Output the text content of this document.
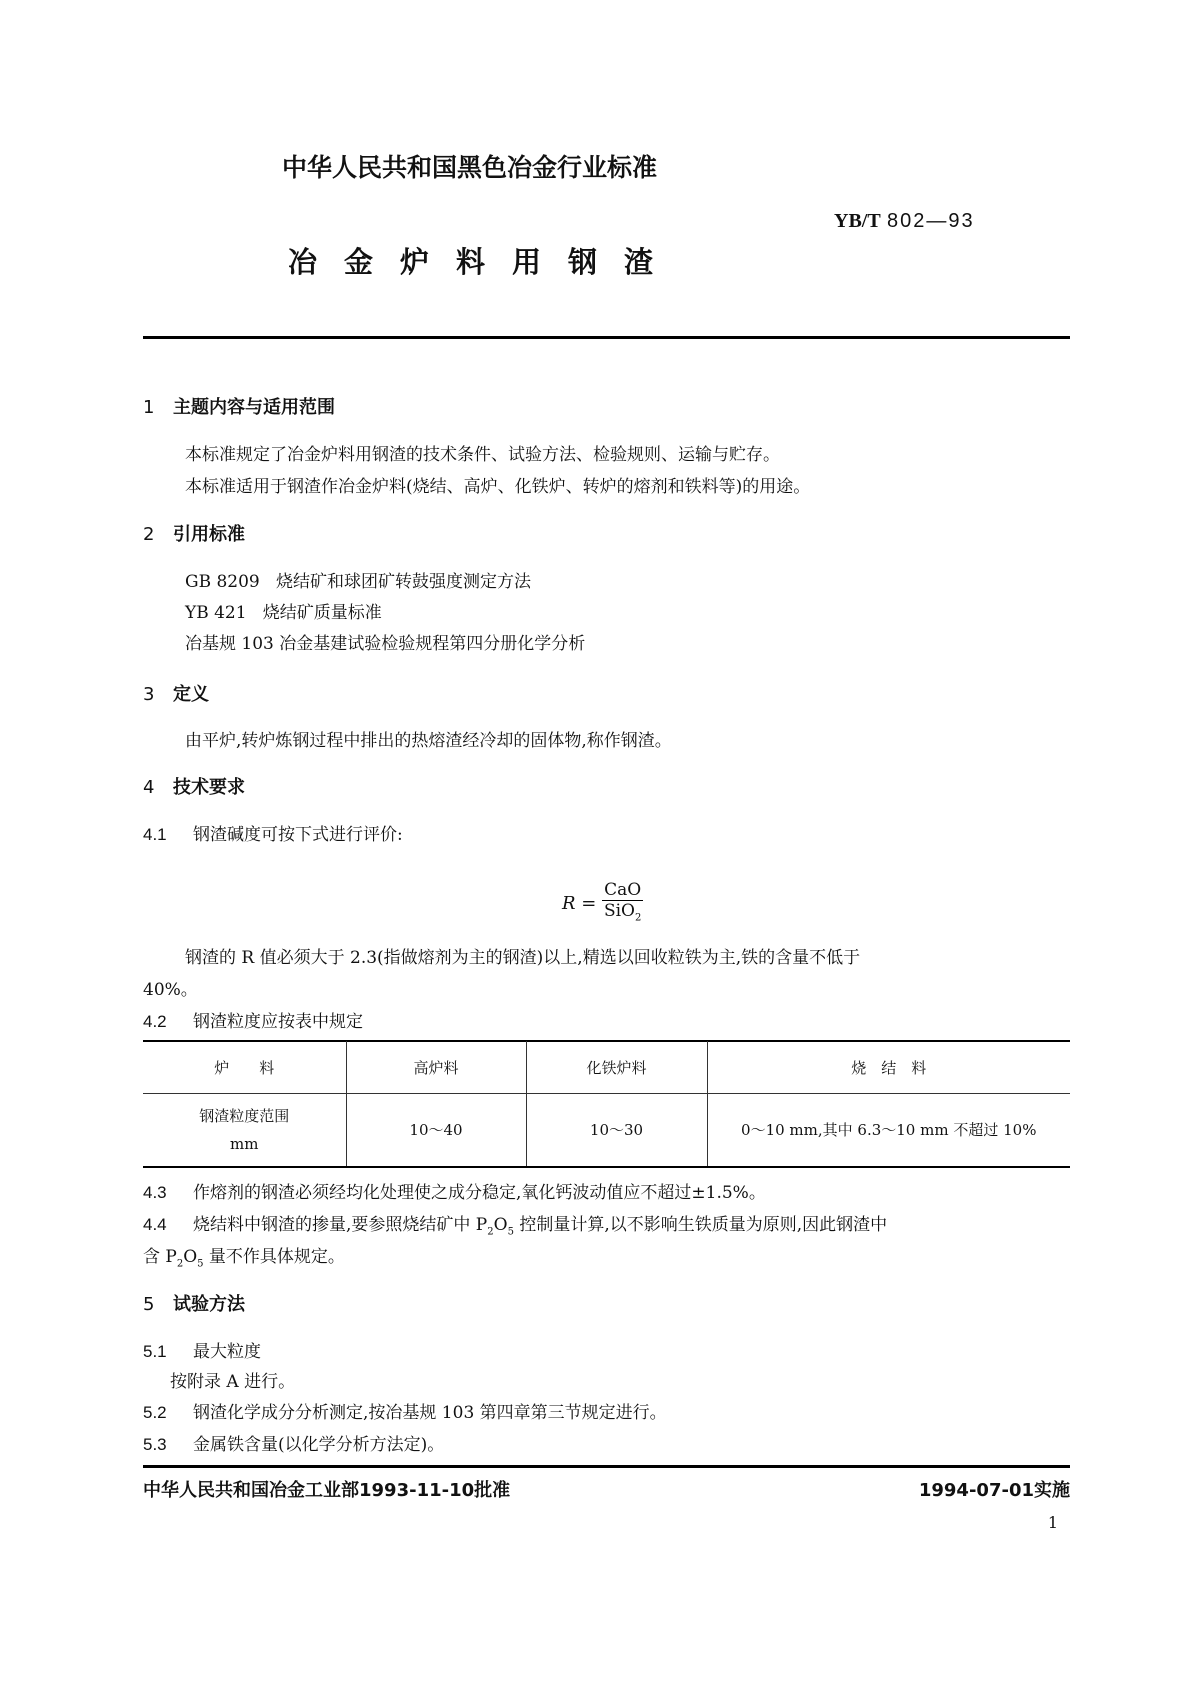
中华人民共和国黑色冶金行业标准
YB/T 802—93
冶金炉料用钢渣
1 主题内容与适用范围
本标准规定了冶金炉料用钢渣的技术条件、试验方法、检验规则、运输与贮存。
本标准适用于钢渣作冶金炉料(烧结、高炉、化铁炉、转炉的熔剂和铁料等)的用途。
2 引用标准
GB 8209 烧结矿和球团矿转鼓强度测定方法
YB 421 烧结矿质量标准
冶基规 103 冶金基建试验检验规程第四分册化学分析
3 定义
由平炉,转炉炼钢过程中排出的热熔渣经冷却的固体物,称作钢渣。
4 技术要求
4.1 钢渣碱度可按下式进行评价:
$R = \frac{\text{CaO}}{SiO_2}$
钢渣的 R 值必须大于 2.3(指做熔剂为主的钢渣)以上,精选以回收粒铁为主,铁的含量不低于
40%。
4.2 钢渣粒度应按表中规定
炉　　料	高炉料	化铁炉料	烧　结　料

钢渣粒度范围
mm	10～40	10～30	0～10 mm,其中 6.3～10 mm 不超过 10%
4.3 作熔剂的钢渣必须经均化处理使之成分稳定,氧化钙波动值应不超过±1.5%。
4.4 烧结料中钢渣的掺量,要参照烧结矿中 $P_2O_5$ 控制量计算,以不影响生铁质量为原则,因此钢渣中
含 $P_2O_5$ 量不作具体规定。
5 试验方法
5.1 最大粒度
按附录 A 进行。
5.2 钢渣化学成分分析测定,按冶基规 103 第四章第三节规定进行。
5.3 金属铁含量(以化学分析方法定)。
中华人民共和国冶金工业部1993-11-10批准	1994-07-01实施
1
